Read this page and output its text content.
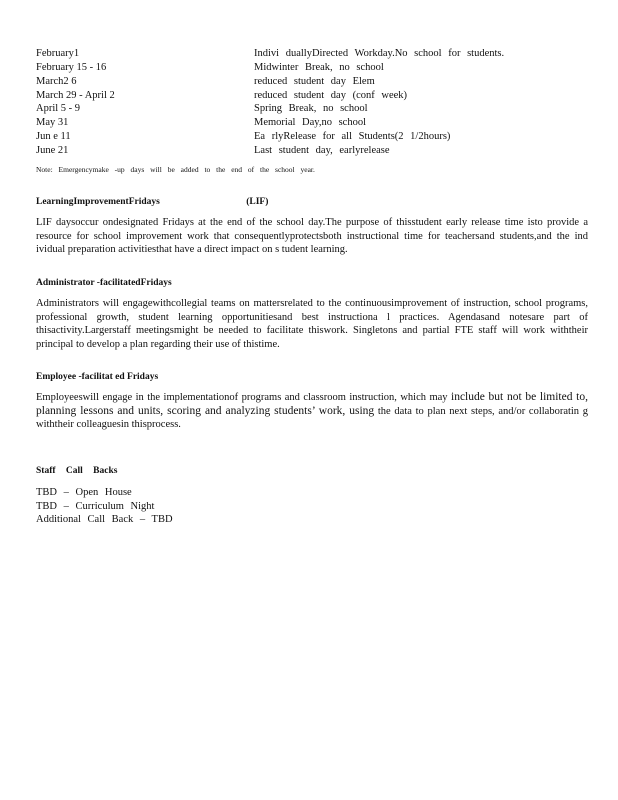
February1	Indivi duallyDirected Workday.No school for students.
February 15 - 16	Midwinter Break, no school
March2 6	reduced student day Elem
March 29 - April 2	reduced student day (conf week)
April 5 - 9	Spring Break, no school
May 31	Memorial Day,no school
Jun e 11	Ea rlyRelease for all Students(2 1/2hours)
June 21	Last student day, earlyrelease
Note: Emergencymake -up days will be added to the end of the school year.
LearningImprovementFridays	(LIF)

LIF daysoccur ondesignated Fridays at the end of the school day.The purpose of thisstudent early release time isto provide a resource for school improvement work that consequentlyprotectsboth instructional time for teachersand students,and the ind ividual preparation activitiesthat have a direct impact on s tudent learning.

Administrator -facilitatedFridays

Administrators will engagewithcollegial teams on mattersrelated to the continuousimprovement of instruction, school programs, professional growth, student learning opportunitiesand best instructiona l practices. Agendasand notesare part of thisactivity.Largerstaff meetingsmight be needed to facilitate thiswork. Singletons and partial FTE staff will work withtheir principal to develop a plan regarding their use of thistime.

Employee -facilitat ed Fridays

Employeeswill engage in the implementationof programs and classroom instruction, which may include but not be limited to, planning lessons and units, scoring and analyzing students’ work, using the data to plan next steps, and/or collaboratin g withtheir colleaguesin thisprocess.

Staff Call Backs
TBD – Open House
TBD – Curriculum Night
Additional Call Back – TBD
